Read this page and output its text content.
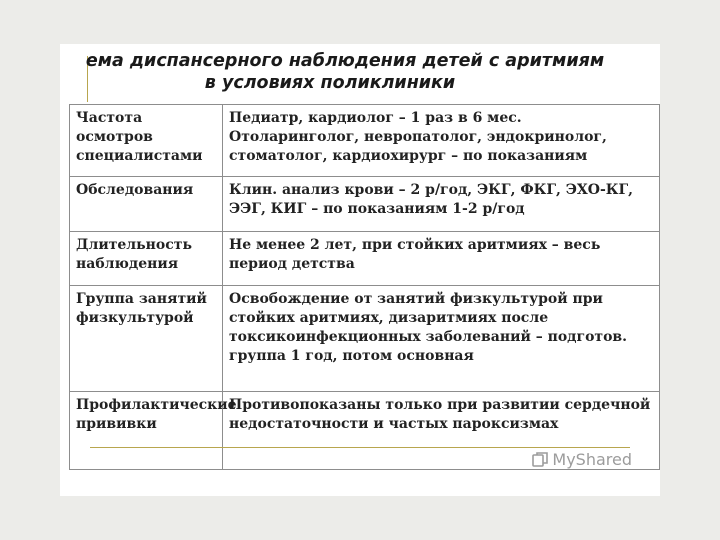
ема диспансерного наблюдения детей с аритмиям
в условиях поликлиники
Частота осмотров специалистами	Педиатр, кардиолог – 1 раз в 6 мес. Отоларинголог, невропатолог, эндокринолог, стоматолог, кардиохирург – по показаниям
Обследования	Клин. анализ крови – 2 р/год, ЭКГ, ФКГ, ЭХО-КГ, ЭЭГ, КИГ – по показаниям 1-2 р/год
Длительность наблюдения	Не менее 2 лет, при стойких аритмиях – весь период детства
Группа занятий физкультурой	Освобождение от занятий физкультурой при стойких аритмиях, дизаритмиях после токсикоинфекционных заболеваний – подготов. группа 1 год, потом основная
Профилактические прививки	Противопоказаны только при развитии сердечной недостаточности и частых пароксизмах
MyShared
